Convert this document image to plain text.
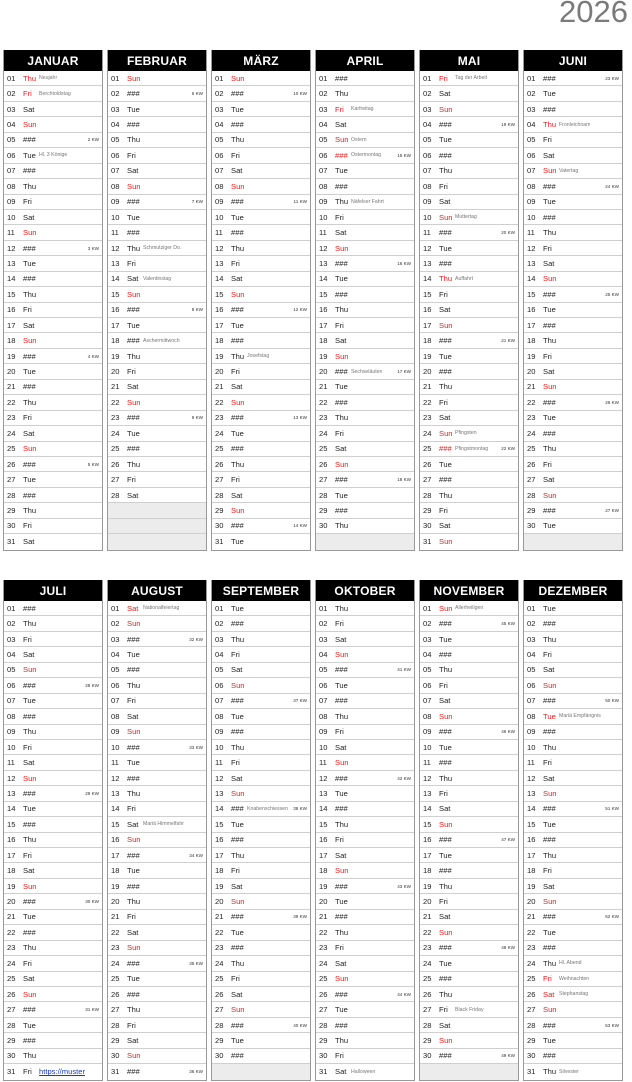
2026
JANUAR
01 Thu Neujahr
02 Fri	Berchtoldstag
03 Sat
04 Sun
05 ###	2 KW
06 Tue Hl. 3 Könige
07 ###
08 Thu
09 Fri
10 Sat
11	Sun
12 ###	3 KW
13 Tue
14 ###
15 Thu
16 Fri
17 Sat
18 Sun
19 ###	4 KW
20 Tue
21 ###
22 Thu
23 Fri
24 Sat
25 Sun
26 ###	5 KW
27 Tue
28 ###
29 Thu
30 Fri
31 Sat
FEBRUAR
01 Sun
02 ###	6 KW
03 Tue
04 ###
05 Thu
06 Fri
07 Sat
08 Sun
09 ###	7 KW
10 Tue
11	###
12 Thu Schmutziger Do.
13 Fri
14 Sat Valentinstag
15 Sun
16 ###	8 KW
17 Tue
18 ### Aschermittwoch
19 Thu
20 Fri
21 Sat
22 Sun
23 ###	9 KW
24 Tue
25 ###
26 Thu
27 Fri
28 Sat
MÄRZ
01 Sun
02 ###	10 KW
03 Tue
04 ###
05 Thu
06 Fri
07 Sat
08 Sun
09 ###	11 KW
10 Tue
11	###
12 Thu
13 Fri
14 Sat
15 Sun
16 ###	12 KW
17 Tue
18 ###
19 Thu Josefstag
20 Fri
21 Sat
22 Sun
23 ###	13 KW
24 Tue
25 ###
26 Thu
27 Fri
28 Sat
29 Sun
30 ###	14 KW
31 Tue
APRIL
01 ###
02 Thu
03 Fri	Karfreitag
04 Sat
05 Sun Ostern
06 ### Ostermontag	15 KW
07 Tue
08 ###
09 Thu Näfelser Fahrt
10 Fri
11	Sat
12 Sun
13 ###	16 KW
14 Tue
15 ###
16 Thu
17 Fri
18 Sat
19 Sun
20 ### Sechseläuten	17 KW
21 Tue
22 ###
23 Thu
24 Fri
25 Sat
26 Sun
27 ###	18 KW
28 Tue
29 ###
30 Thu
MAI
01 Fri	Tag der Arbeit
02 Sat
03 Sun
04 ###	19 KW
05 Tue
06 ###
07 Thu
08 Fri
09 Sat
10 Sun Muttertag
11	###	20 KW
12 Tue
13 ###
14 Thu Auffahrt
15 Fri
16 Sat
17 Sun
18 ###	21 KW
19 Tue
20 ###
21 Thu
22 Fri
23 Sat
24 Sun Pfingsten
25 ### Pfingstmontag	22 KW
26 Tue
27 ###
28 Thu
29 Fri
30 Sat
31 Sun
JUNI
01 ###	23 KW
02 Tue
03 ###
04 Thu Fronleichnam
05 Fri
06 Sat
07 Sun Vatertag
08 ###	24 KW
09 Tue
10 ###
11	Thu
12 Fri
13 Sat
14 Sun
15 ###	25 KW
16 Tue
17 ###
18 Thu
19 Fri
20 Sat
21 Sun
22 ###	26 KW
23 Tue
24 ###
25 Thu
26 Fri
27 Sat
28 Sun
29 ###	27 KW
30 Tue
JULI
01 ###
02 Thu
03 Fri
04 Sat
05 Sun
06 ###	28 KW
07 Tue
08 ###
09 Thu
10 Fri
11	Sat
12 Sun
13 ###	29 KW
14 Tue
15 ###
16 Thu
17 Fri
18 Sat
19 Sun
20 ###	30 KW
21 Tue
22 ###
23 Thu
24 Fri
25 Sat
26 Sun
27 ###	31 KW
28 Tue
29 ###
30 Thu
31 Fri https://muster
AUGUST
01 Sat Nationalfeiertag
02 Sun
03 ###	32 KW
04 Tue
05 ###
06 Thu
07 Fri
08 Sat
09 Sun
10 ###	33 KW
11	Tue
12 ###
13 Thu
14 Fri
15 Sat Mariä Himmelfahr
16 Sun
17 ###	34 KW
18 Tue
19 ###
20 Thu
21 Fri
22 Sat
23 Sun
24 ###	35 KW
25 Tue
26 ###
27 Thu
28 Fri
29 Sat
30 Sun
31 ###	36 KW
SEPTEMBER
01 Tue
02 ###
03 Thu
04 Fri
05 Sat
06 Sun
07 ###	37 KW
08 Tue
09 ###
10 Thu
11	Fri
12 Sat
13 Sun
14 ### Knabenschiessen 38 KW
15 Tue
16 ###
17 Thu
18 Fri
19 Sat
20 Sun
21 ###	39 KW
22 Tue
23 ###
24 Thu
25 Fri
26 Sat
27 Sun
28 ###	40 KW
29 Tue
30 ###
OKTOBER
01 Thu
02 Fri
03 Sat
04 Sun
05 ###	41 KW
06 Tue
07 ###
08 Thu
09 Fri
10 Sat
11	Sun
12 ###	42 KW
13 Tue
14 ###
15 Thu
16 Fri
17 Sat
18 Sun
19 ###	43 KW
20 Tue
21 ###
22 Thu
23 Fri
24 Sat
25 Sun
26 ###	44 KW
27 Tue
28 ###
29 Thu
30 Fri
31 Sat Halloween
NOVEMBER
01 Sun Allerheiligen
02 ###	45 KW
03 Tue
04 ###
05 Thu
06 Fri
07 Sat
08 Sun
09 ###	46 KW
10 Tue
11	###
12 Thu
13 Fri
14 Sat
15 Sun
16 ###	47 KW
17 Tue
18 ###
19 Thu
20 Fri
21 Sat
22 Sun
23 ###	48 KW
24 Tue
25 ###
26 Thu
27 Fri	Black Friday
28 Sat
29 Sun
30 ###	49 KW
DEZEMBER
01 Tue
02 ###
03 Thu
04 Fri
05 Sat
06 Sun
07 ###	50 KW
08 Tue Mariä Empfängnis
09 ###
10 Thu
11	Fri
12 Sat
13 Sun
14 ###	51 KW
15 Tue
16 ###
17 Thu
18 Fri
19 Sat
20 Sun
21 ###	52 KW
22 Tue
23 ###
24 Thu Hl. Abend
25 Fri	Weihnachten
26 Sat Stephanstag
27 Sun
28 ###	53 KW
29 Tue
30 ###
31 Thu Silvester
